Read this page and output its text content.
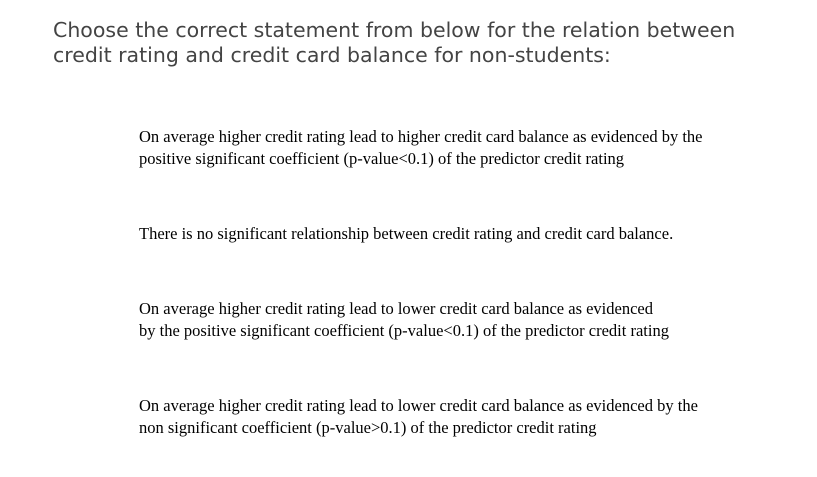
Choose the correct statement from below for the relation between credit rating and credit card balance for non-students:
On average higher credit rating lead to higher credit card balance as evidenced by the positive significant coefficient (p-value<0.1) of the predictor credit rating
There is no significant relationship between credit rating and credit card balance.
On average higher credit rating lead to lower credit card balance as evidenced by the positive significant coefficient (p-value<0.1) of the predictor credit rating
On average higher credit rating lead to lower credit card balance as evidenced by the non significant coefficient (p-value>0.1) of the predictor credit rating
